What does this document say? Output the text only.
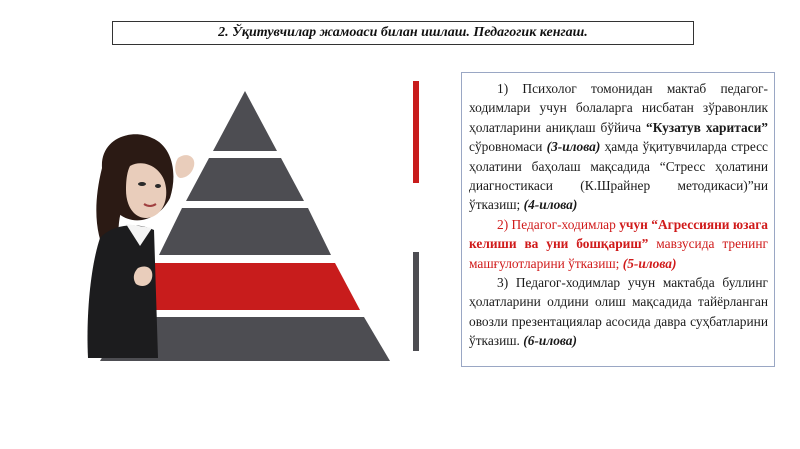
2. Ўқитувчилар жамоаси билан ишлаш. Педагогик кенгаш.

1) Психолог томонидан мактаб педагог-ходимлари учун болаларга нисбатан зўравонлик ҳолатларини аниқлаш бўйича “Кузатув харитаси” сўровномаси (3-илова) ҳамда ўқитувчиларда стресс ҳолатини баҳолаш мақсадида “Стресс ҳолатини диагностикаси (К.Шрайнер методикаси)”ни ўтказиш; (4-илова)

2) Педагог-ходимлар учун “Агрессияни юзага келиши ва уни бошқариш” мавзусида тренинг машғулотларини ўтказиш; (5-илова)

3) Педагог-ходимлар учун мактабда буллинг ҳолатларини олдини олиш мақсадида тайёрланган овозли презентациялар асосида давра суҳбатларини ўтказиш. (6-илова)
